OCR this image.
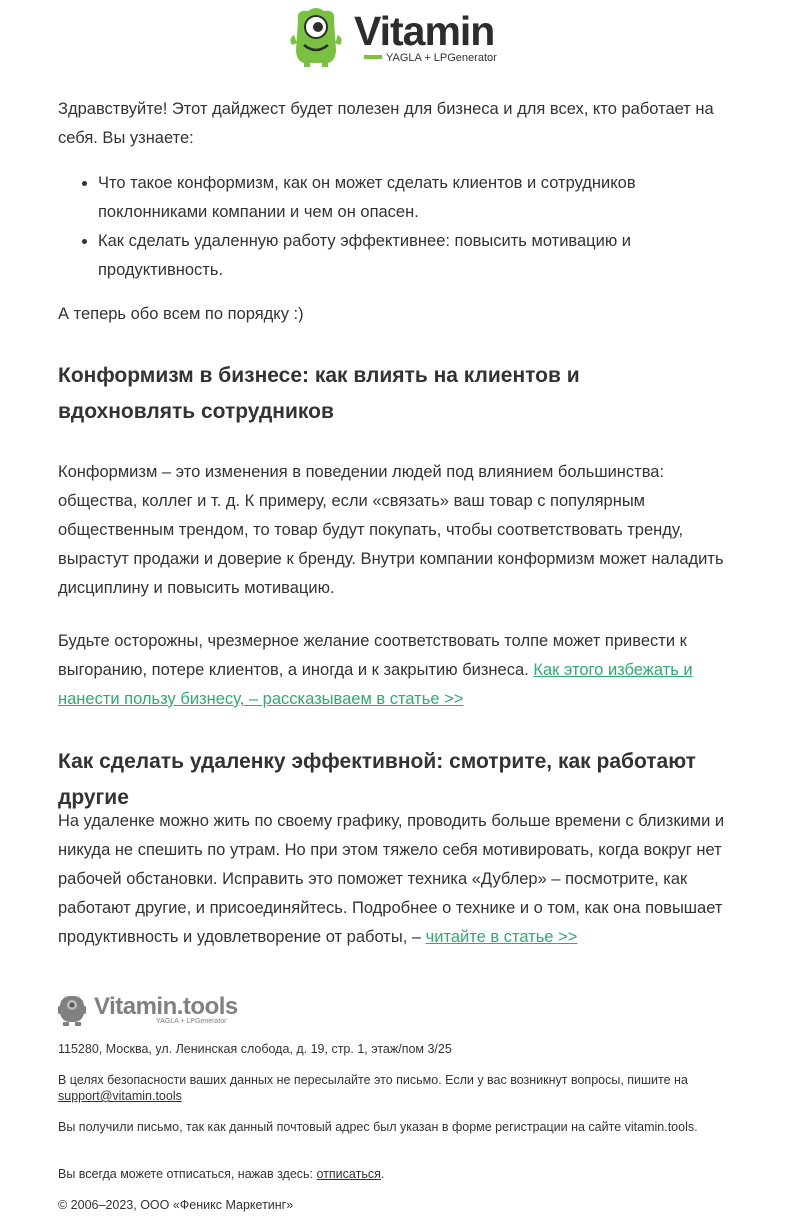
Vitamin
YAGLA + LPGenerator

Здравствуйте! Этот дайджест будет полезен для бизнеса и для всех, кто работает на себя. Вы узнаете:

• Что такое конформизм, как он может сделать клиентов и сотрудников поклонниками компании и чем он опасен.
• Как сделать удаленную работу эффективнее: повысить мотивацию и продуктивность.

А теперь обо всем по порядку :)

Конформизм в бизнесе: как влиять на клиентов и вдохновлять сотрудников

Конформизм – это изменения в поведении людей под влиянием большинства: общества, коллег и т. д. К примеру, если «связать» ваш товар с популярным общественным трендом, то товар будут покупать, чтобы соответствовать тренду, вырастут продажи и доверие к бренду. Внутри компании конформизм может наладить дисциплину и повысить мотивацию.

Будьте осторожны, чрезмерное желание соответствовать толпе может привести к выгоранию, потере клиентов, а иногда и к закрытию бизнеса. Как этого избежать и нанести пользу бизнесу, – рассказываем в статье >>

Как сделать удаленку эффективной: смотрите, как работают другие

На удаленке можно жить по своему графику, проводить больше времени с близкими и никуда не спешить по утрам. Но при этом тяжело себя мотивировать, когда вокруг нет рабочей обстановки. Исправить это поможет техника «Дублер» – посмотрите, как работают другие, и присоединяйтесь. Подробнее о технике и о том, как она повышает продуктивность и удовлетворение от работы, – читайте в статье >>

Vitamin.tools
YAGLA + LPGenerator

115280, Москва, ул. Ленинская слобода, д. 19, стр. 1, этаж/пом 3/25

В целях безопасности ваших данных не пересылайте это письмо. Если у вас возникнут вопросы, пишите на support@vitamin.tools

Вы получили письмо, так как данный почтовый адрес был указан в форме регистрации на сайте vitamin.tools.

Вы всегда можете отписаться, нажав здесь: отписаться.

© 2006–2023, ООО «Феникс Маркетинг»
